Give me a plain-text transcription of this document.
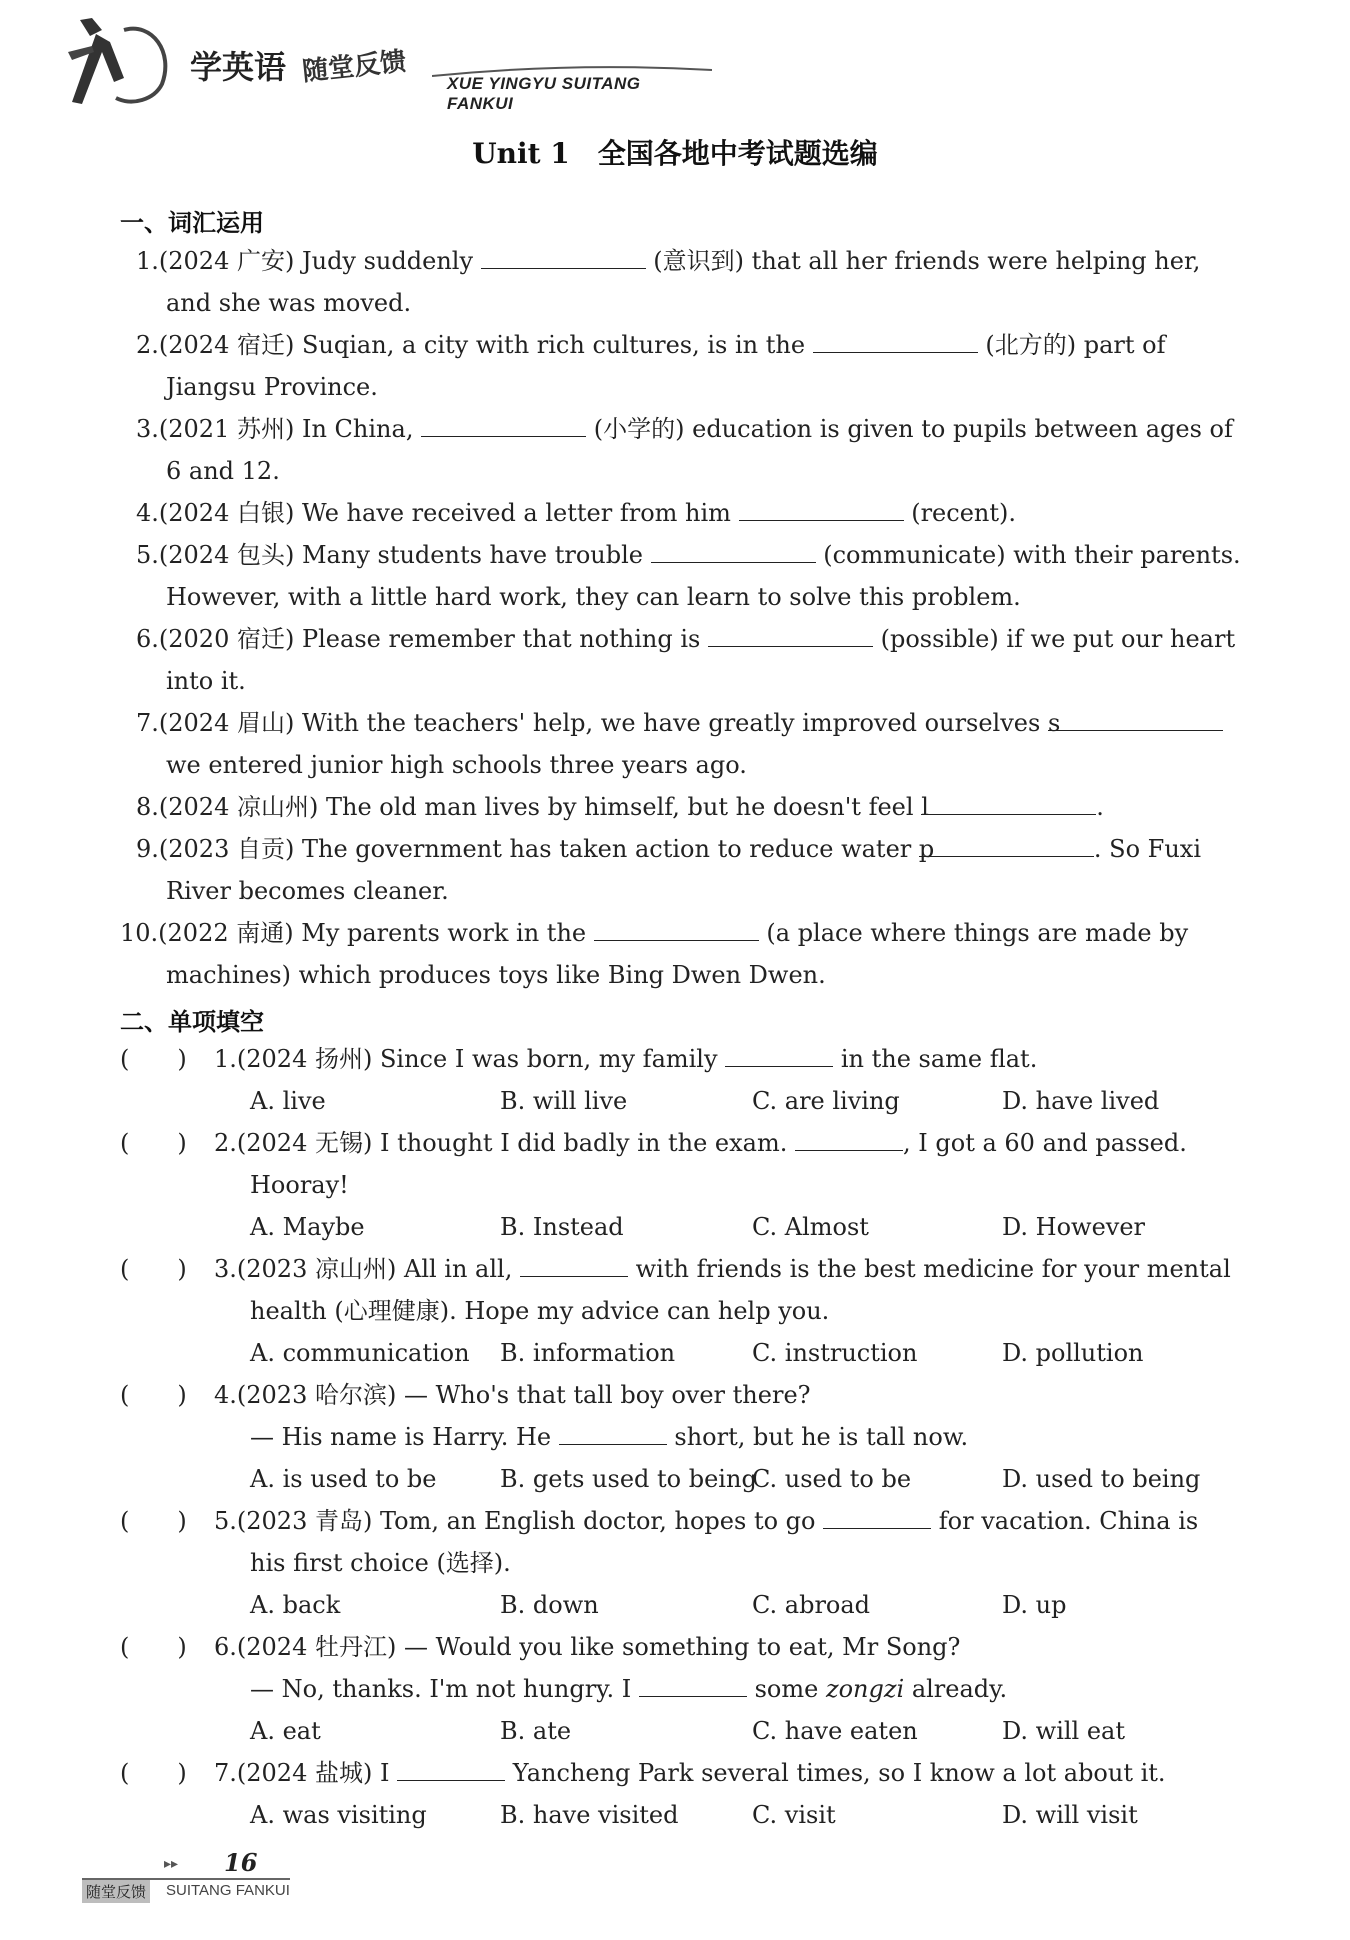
学英语 随堂反馈 XUE YINGYU SUITANG FANKUI
Unit 1　全国各地中考试题选编
一、词汇运用
1.(2024 广安) Judy suddenly	(意识到) that all her friends were helping her,
and she was moved.
2.(2024 宿迁) Suqian, a city with rich cultures, is in the	(北方的) part of
Jiangsu Province.
3.(2021 苏州) In China,	(小学的) education is given to pupils between ages of
6 and 12.
4.(2024 白银) We have received a letter from him	(recent).
5.(2024 包头) Many students have trouble	(communicate) with their parents.
However, with a little hard work, they can learn to solve this problem.
6.(2020 宿迁) Please remember that nothing is	(possible) if we put our heart
into it.
7.(2024 眉山) With the teachers' help, we have greatly improved ourselves s
we entered junior high schools three years ago.
8.(2024 凉山州) The old man lives by himself, but he doesn't feel l	.
9.(2023 自贡) The government has taken action to reduce water p	. So Fuxi
River becomes cleaner.
10.(2022 南通) My parents work in the	(a place where things are made by
machines) which produces toys like Bing Dwen Dwen.
二、单项填空
(　　) 1.(2024 扬州) Since I was born, my family	in the same flat.
A. live	B. will live	C. are living	D. have lived
(　　) 2.(2024 无锡) I thought I did badly in the exam.	, I got a 60 and passed.
Hooray!
A. Maybe	B. Instead	C. Almost	D. However
(　　) 3.(2023 凉山州) All in all,	with friends is the best medicine for your mental
health (心理健康). Hope my advice can help you.
A. communication B. information	C. instruction	D. pollution
(　　) 4.(2023 哈尔滨) — Who's that tall boy over there?
— His name is Harry. He	short, but he is tall now.
A. is used to be	B. gets used to being
C. used to be	D. used to being
(　　) 5.(2023 青岛) Tom, an English doctor, hopes to go	for vacation. China is
his first choice (选择).
A. back	B. down	C. abroad	D. up
(　　) 6.(2024 牡丹江) — Would you like something to eat, Mr Song?
— No, thanks. I'm not hungry. I	some zongzi already.
A. eat	B. ate	C. have eaten	D. will eat
(　　) 7.(2024 盐城) I	Yancheng Park several times, so I know a lot about it.
A. was visiting	B. have visited	C. visit	D. will visit
▸▸ 16
随堂反馈 SUITANG FANKUI
